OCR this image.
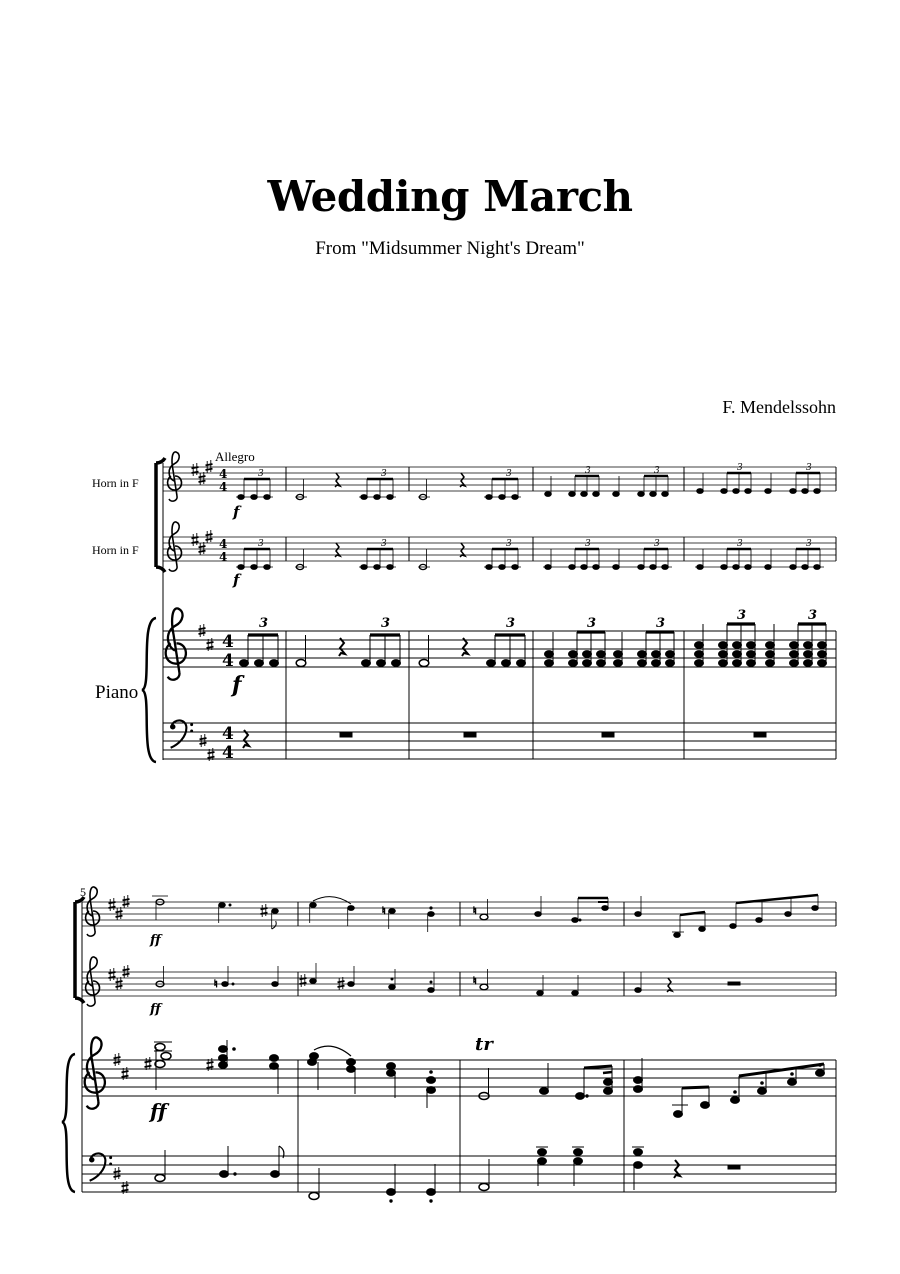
Wedding March
From "Midsummer Night's Dream"
F. Mendelssohn
Allegro
Horn in F
Horn in F
Piano
4
4
4
4
4
4
4
4
3	3	3	3	3	3	3
3	3	3	3	3	3	3
f
f
f
3	3	3	3	3
3	3
5
♮	♮
♮	♮
ff
ff
ff
tr
